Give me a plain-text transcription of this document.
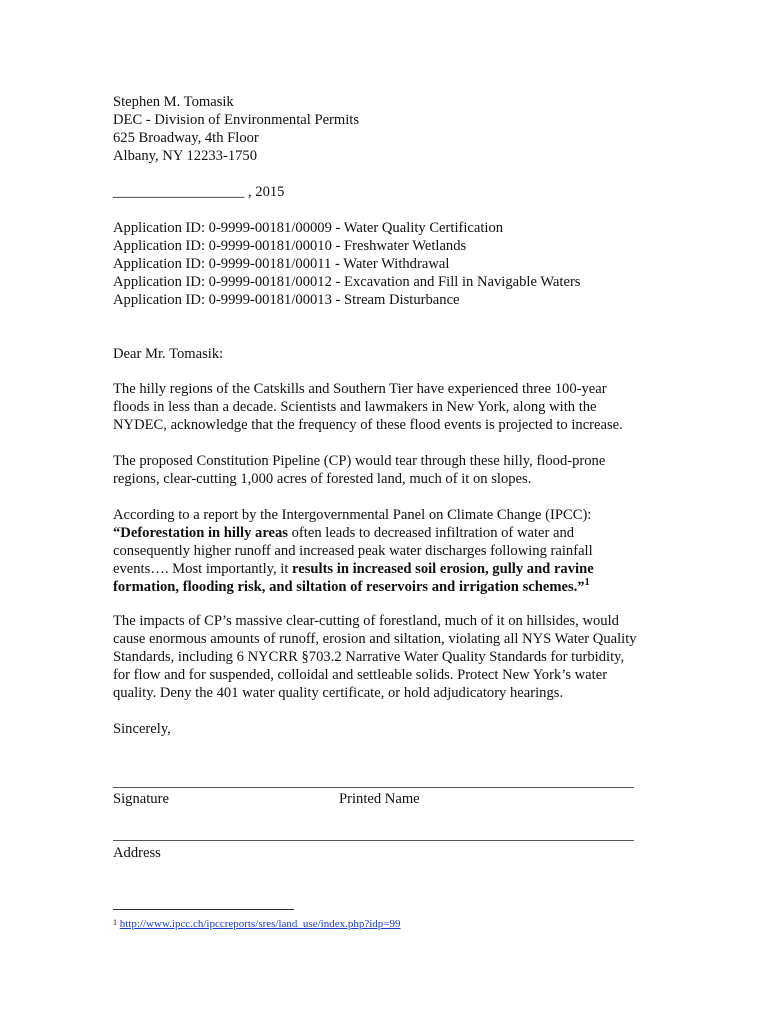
Stephen M. Tomasik
DEC - Division of Environmental Permits
625 Broadway, 4th Floor
Albany, NY 12233-1750
__________________ , 2015
Application ID: 0-9999-00181/00009 - Water Quality Certification
Application ID: 0-9999-00181/00010 - Freshwater Wetlands
Application ID: 0-9999-00181/00011 - Water Withdrawal
Application ID: 0-9999-00181/00012 - Excavation and Fill in Navigable Waters
Application ID: 0-9999-00181/00013 - Stream Disturbance
Dear Mr. Tomasik:
The hilly regions of the Catskills and Southern Tier have experienced three 100-year
floods in less than a decade. Scientists and lawmakers in New York, along with the
NYDEC, acknowledge that the frequency of these flood events is projected to increase.
The proposed Constitution Pipeline (CP) would tear through these hilly, flood-prone
regions, clear-cutting 1,000 acres of forested land, much of it on slopes.
According to a report by the Intergovernmental Panel on Climate Change (IPCC):
“Deforestation in hilly areas often leads to decreased infiltration of water and
consequently higher runoff and increased peak water discharges following rainfall
events…. Most importantly, it results in increased soil erosion, gully and ravine
formation, flooding risk, and siltation of reservoirs and irrigation schemes.”$^1$
The impacts of CP’s massive clear-cutting of forestland, much of it on hillsides, would
cause enormous amounts of runoff, erosion and siltation, violating all NYS Water Quality
Standards, including 6 NYCRR §703.2 Narrative Water Quality Standards for turbidity,
for flow and for suspended, colloidal and settleable solids. Protect New York’s water
quality. Deny the 401 water quality certificate, or hold adjudicatory hearings.
Sincerely,
Signature	Printed Name
Address
$^1$ http://www.ipcc.ch/ipccreports/sres/land_use/index.php?idp=99
